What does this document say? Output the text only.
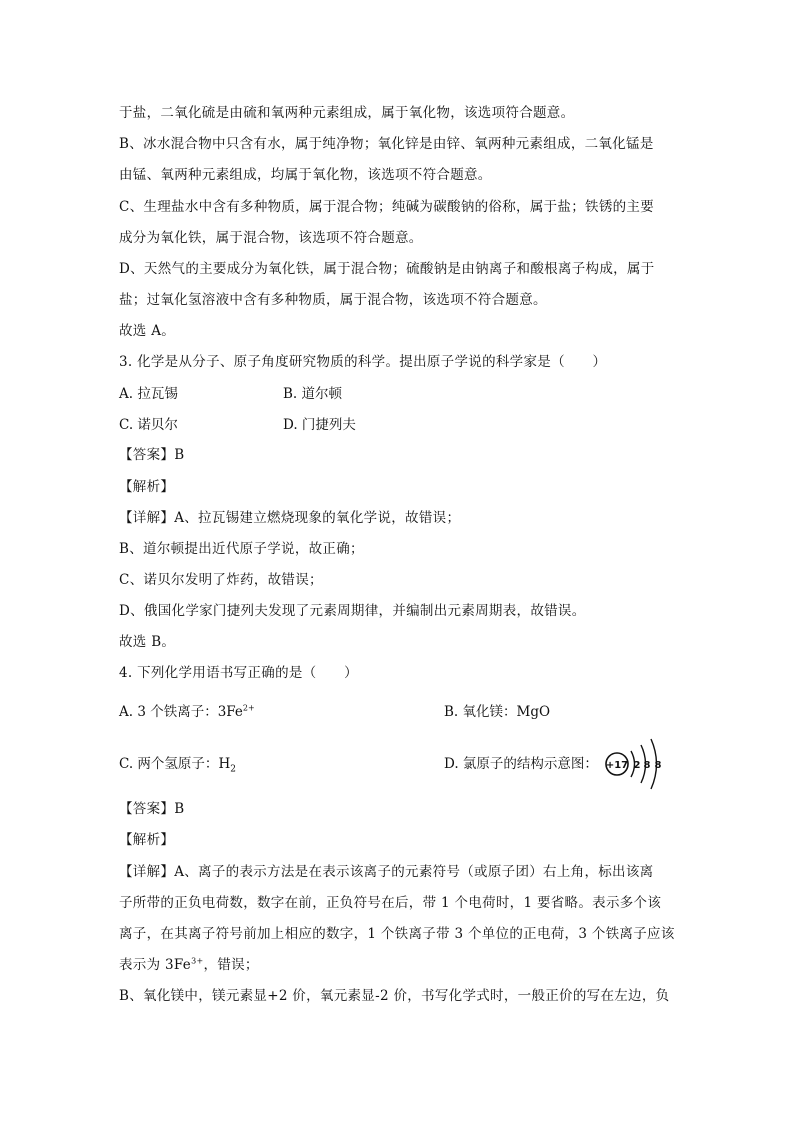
于盐，二氧化硫是由硫和氧两种元素组成，属于氧化物，该选项符合题意。
B、冰水混合物中只含有水，属于纯净物；氧化锌是由锌、氧两种元素组成，二氧化锰是
由锰、氧两种元素组成，均属于氧化物，该选项不符合题意。
C、生理盐水中含有多种物质，属于混合物；纯碱为碳酸钠的俗称，属于盐；铁锈的主要
成分为氧化铁，属于混合物，该选项不符合题意。
D、天然气的主要成分为氧化铁，属于混合物；硫酸钠是由钠离子和酸根离子构成，属于
盐；过氧化氢溶液中含有多种物质，属于混合物，该选项不符合题意。
故选 A。
3. 化学是从分子、原子角度研究物质的科学。提出原子学说的科学家是（　　）
A. 拉瓦锡	B. 道尔顿
C. 诺贝尔	D. 门捷列夫
【答案】B
【解析】
【详解】A、拉瓦锡建立燃烧现象的氧化学说，故错误；
B、道尔顿提出近代原子学说，故正确；
C、诺贝尔发明了炸药，故错误；
D、俄国化学家门捷列夫发现了元素周期律，并编制出元素周期表，故错误。
故选 B。
4. 下列化学用语书写正确的是（　　）
A. 3 个铁离子：$3Fe^{2+}$	B. 氧化镁：MgO
C. 两个氢原子：$H_2$	D. 氯原子的结构示意图： +17 2 8 8
【答案】B
【解析】
【详解】A、离子的表示方法是在表示该离子的元素符号（或原子团）右上角，标出该离
子所带的正负电荷数，数字在前，正负符号在后，带 1 个电荷时，1 要省略。表示多个该
离子，在其离子符号前加上相应的数字，1 个铁离子带 3 个单位的正电荷，3 个铁离子应该
表示为 $3Fe^{3+}$，错误；
B、氧化镁中，镁元素显+2 价，氧元素显-2 价，书写化学式时，一般正价的写在左边，负
